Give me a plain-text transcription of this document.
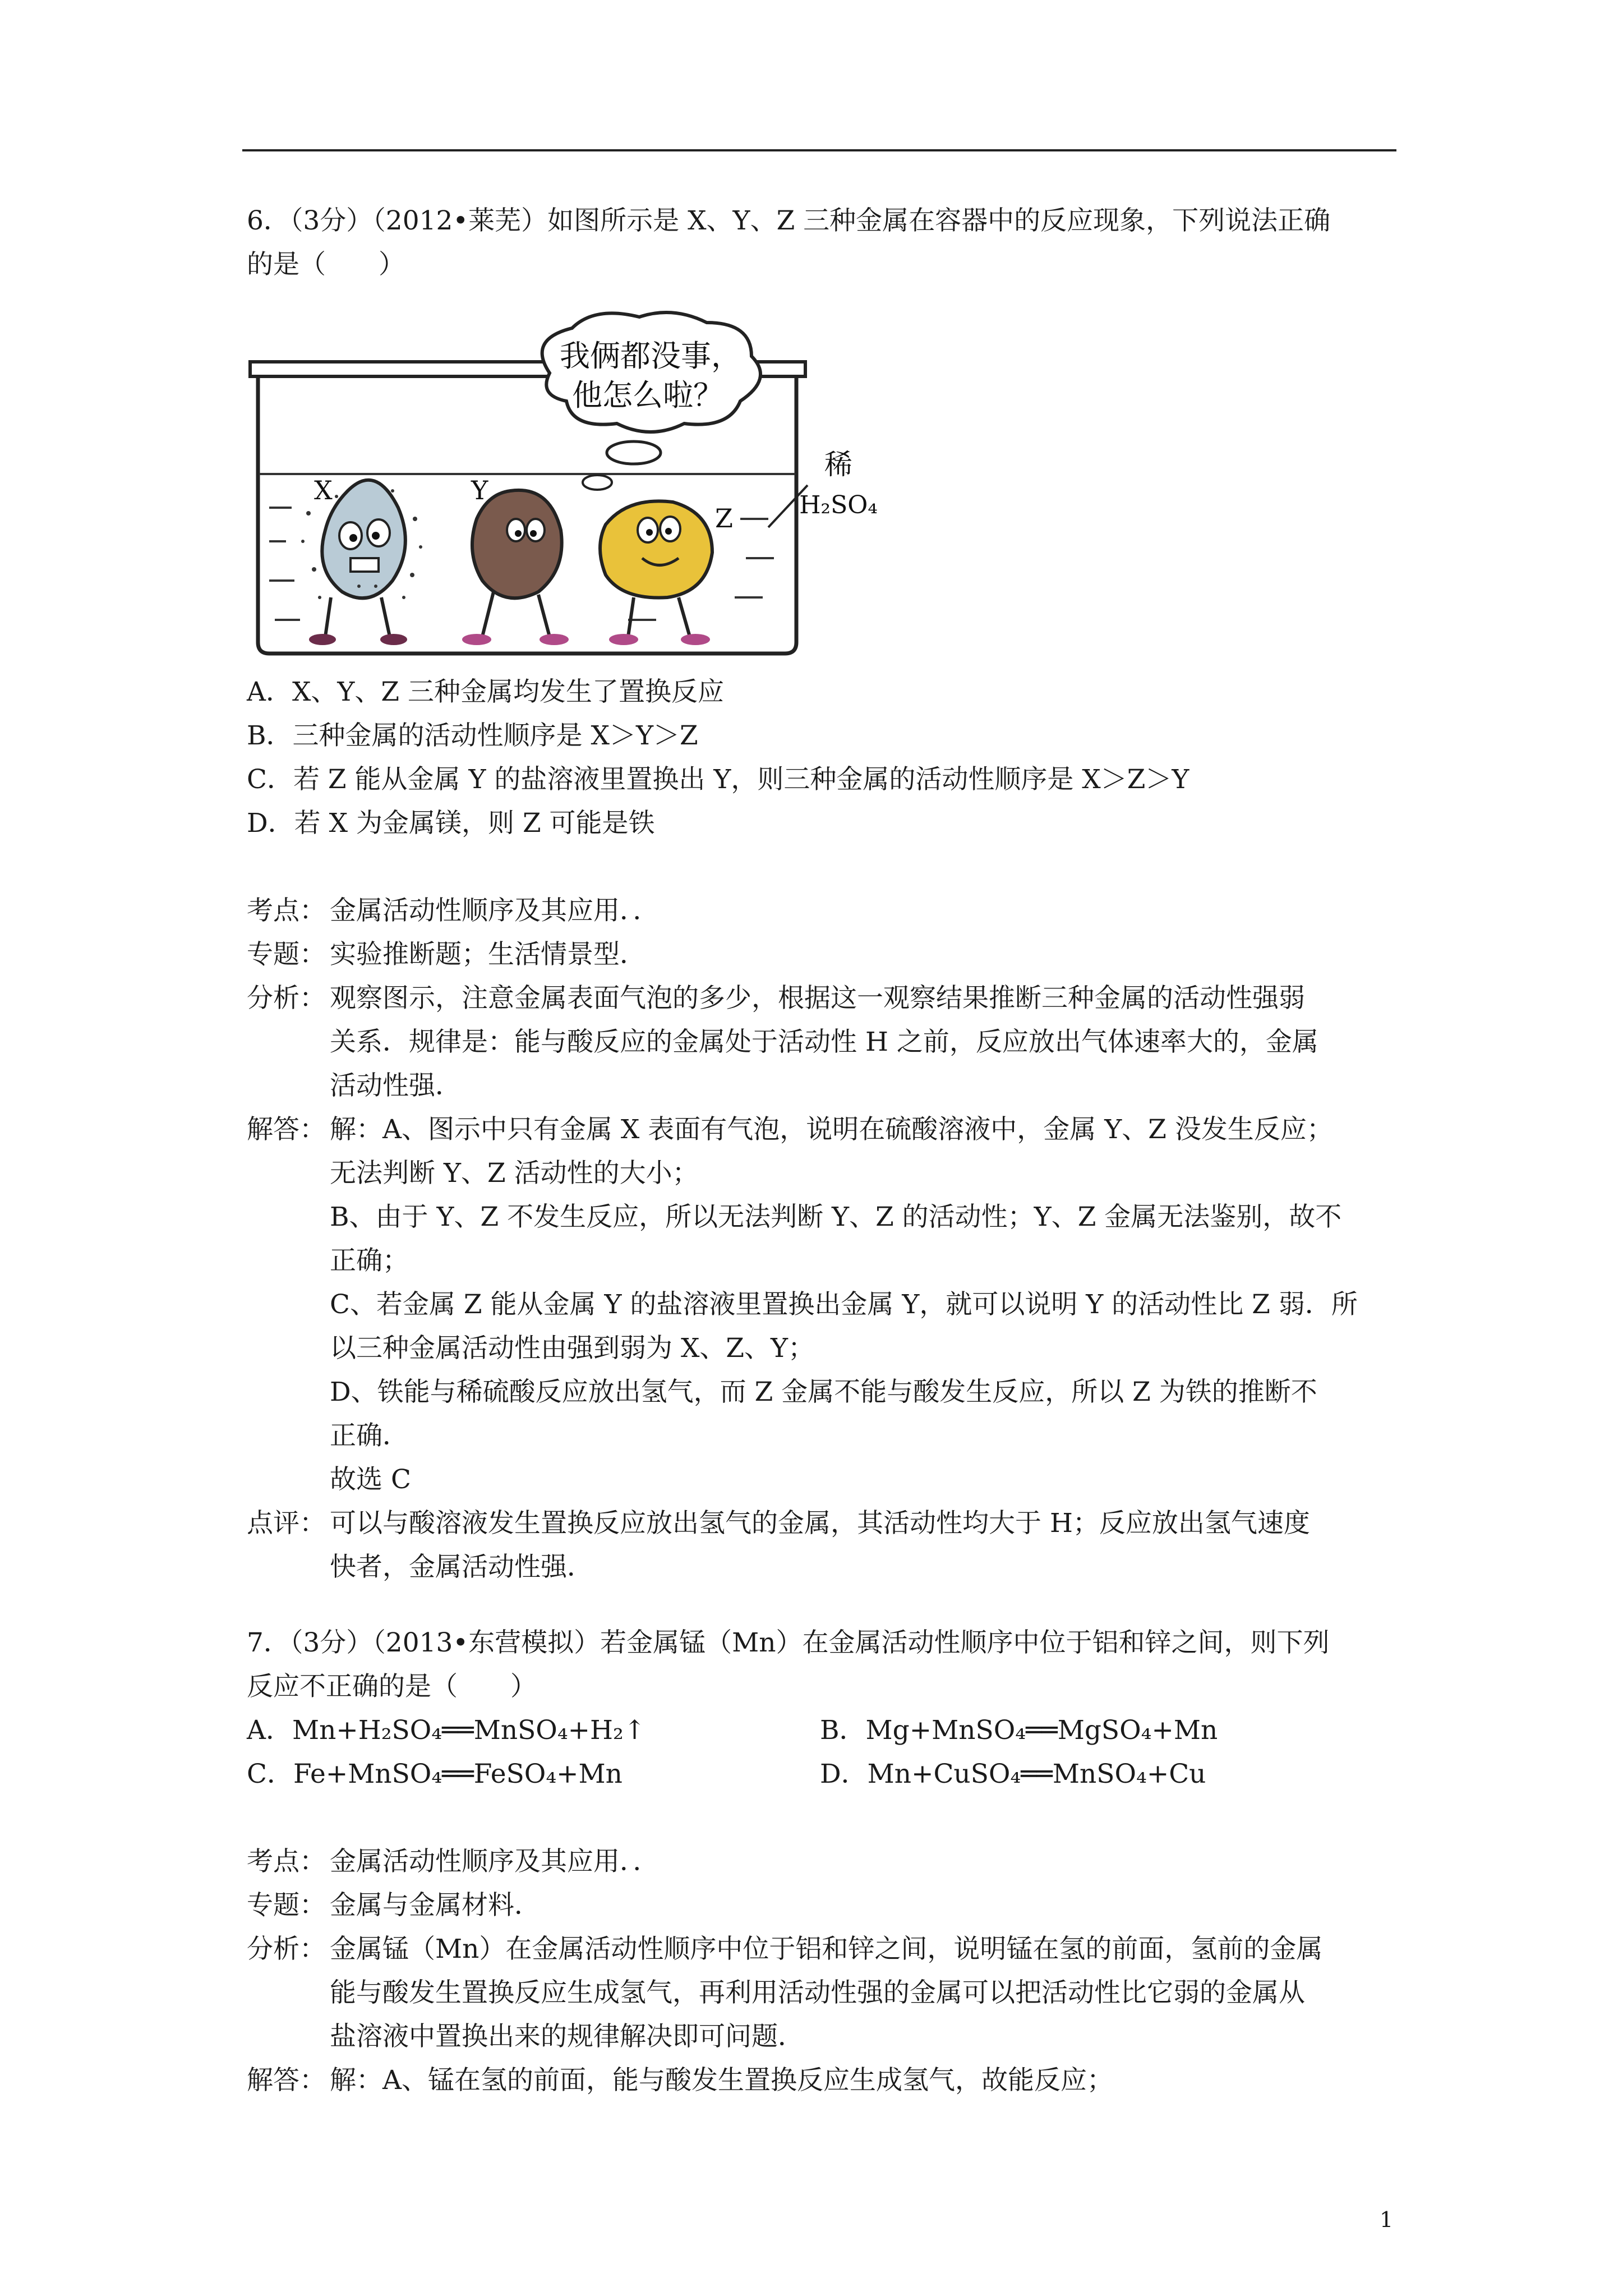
6．（3分）（2012•莱芜）如图所示是 X、Y、Z 三种金属在容器中的反应现象，下列说法正确

的是（　　）

我俩都没事，
他怎么啦？
稀
H₂SO₄
X	Y
Z

A．X、Y、Z 三种金属均发生了置换反应

B．三种金属的活动性顺序是 X＞Y＞Z

C．若 Z 能从金属 Y 的盐溶液里置换出 Y，则三种金属的活动性顺序是 X＞Z＞Y

D．若 X 为金属镁，则 Z 可能是铁

考点： 金属活动性顺序及其应用．．
专题： 实验推断题；生活情景型．
分析： 观察图示，注意金属表面气泡的多少，根据这一观察结果推断三种金属的活动性强弱
关系．规律是：能与酸反应的金属处于活动性 H 之前，反应放出气体速率大的，金属
活动性强．
解答： 解：A、图示中只有金属 X 表面有气泡，说明在硫酸溶液中，金属 Y、Z 没发生反应；
无法判断 Y、Z 活动性的大小；
B、由于 Y、Z 不发生反应，所以无法判断 Y、Z 的活动性；Y、Z 金属无法鉴别，故不
正确；
C、若金属 Z 能从金属 Y 的盐溶液里置换出金属 Y，就可以说明 Y 的活动性比 Z 弱．所
以三种金属活动性由强到弱为 X、Z、Y；
D、铁能与稀硫酸反应放出氢气，而 Z 金属不能与酸发生反应，所以 Z 为铁的推断不
正确．
故选 C
点评： 可以与酸溶液发生置换反应放出氢气的金属，其活动性均大于 H；反应放出氢气速度
快者，金属活动性强．

7．（3分）（2013•东营模拟）若金属锰（Mn）在金属活动性顺序中位于铝和锌之间，则下列

反应不正确的是（　　）

A．Mn+H₂SO₄══MnSO₄+H₂↑	B．Mg+MnSO₄══MgSO₄+Mn
C．Fe+MnSO₄══FeSO₄+Mn	D．Mn+CuSO₄══MnSO₄+Cu
考点： 金属活动性顺序及其应用．．
专题： 金属与金属材料．
分析： 金属锰（Mn）在金属活动性顺序中位于铝和锌之间，说明锰在氢的前面，氢前的金属
能与酸发生置换反应生成氢气，再利用活动性强的金属可以把活动性比它弱的金属从
盐溶液中置换出来的规律解决即可问题．
解答： 解：A、锰在氢的前面，能与酸发生置换反应生成氢气，故能反应；
1
